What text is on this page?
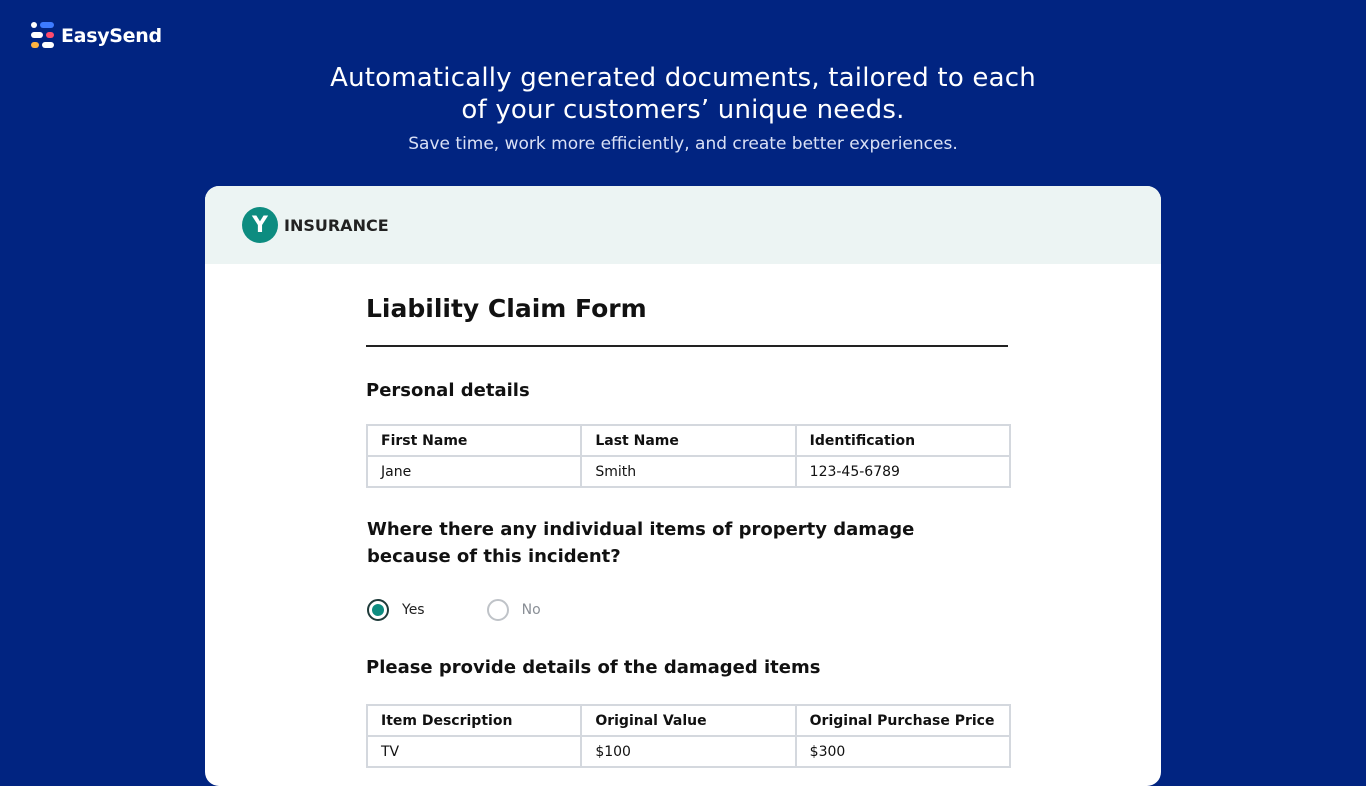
EasySend
Automatically generated documents, tailored to each
of your customers’ unique needs.
Save time, work more efficiently, and create better experiences.
Y	INSURANCE
Liability Claim Form
Personal details
First Name	Last Name	Identification
Jane	Smith	123-45-6789
Where there any individual items of property damage because of this incident?
Yes	No
Please provide details of the damaged items
Item Description	Original Value	Original Purchase Price
TV	$100	$300
